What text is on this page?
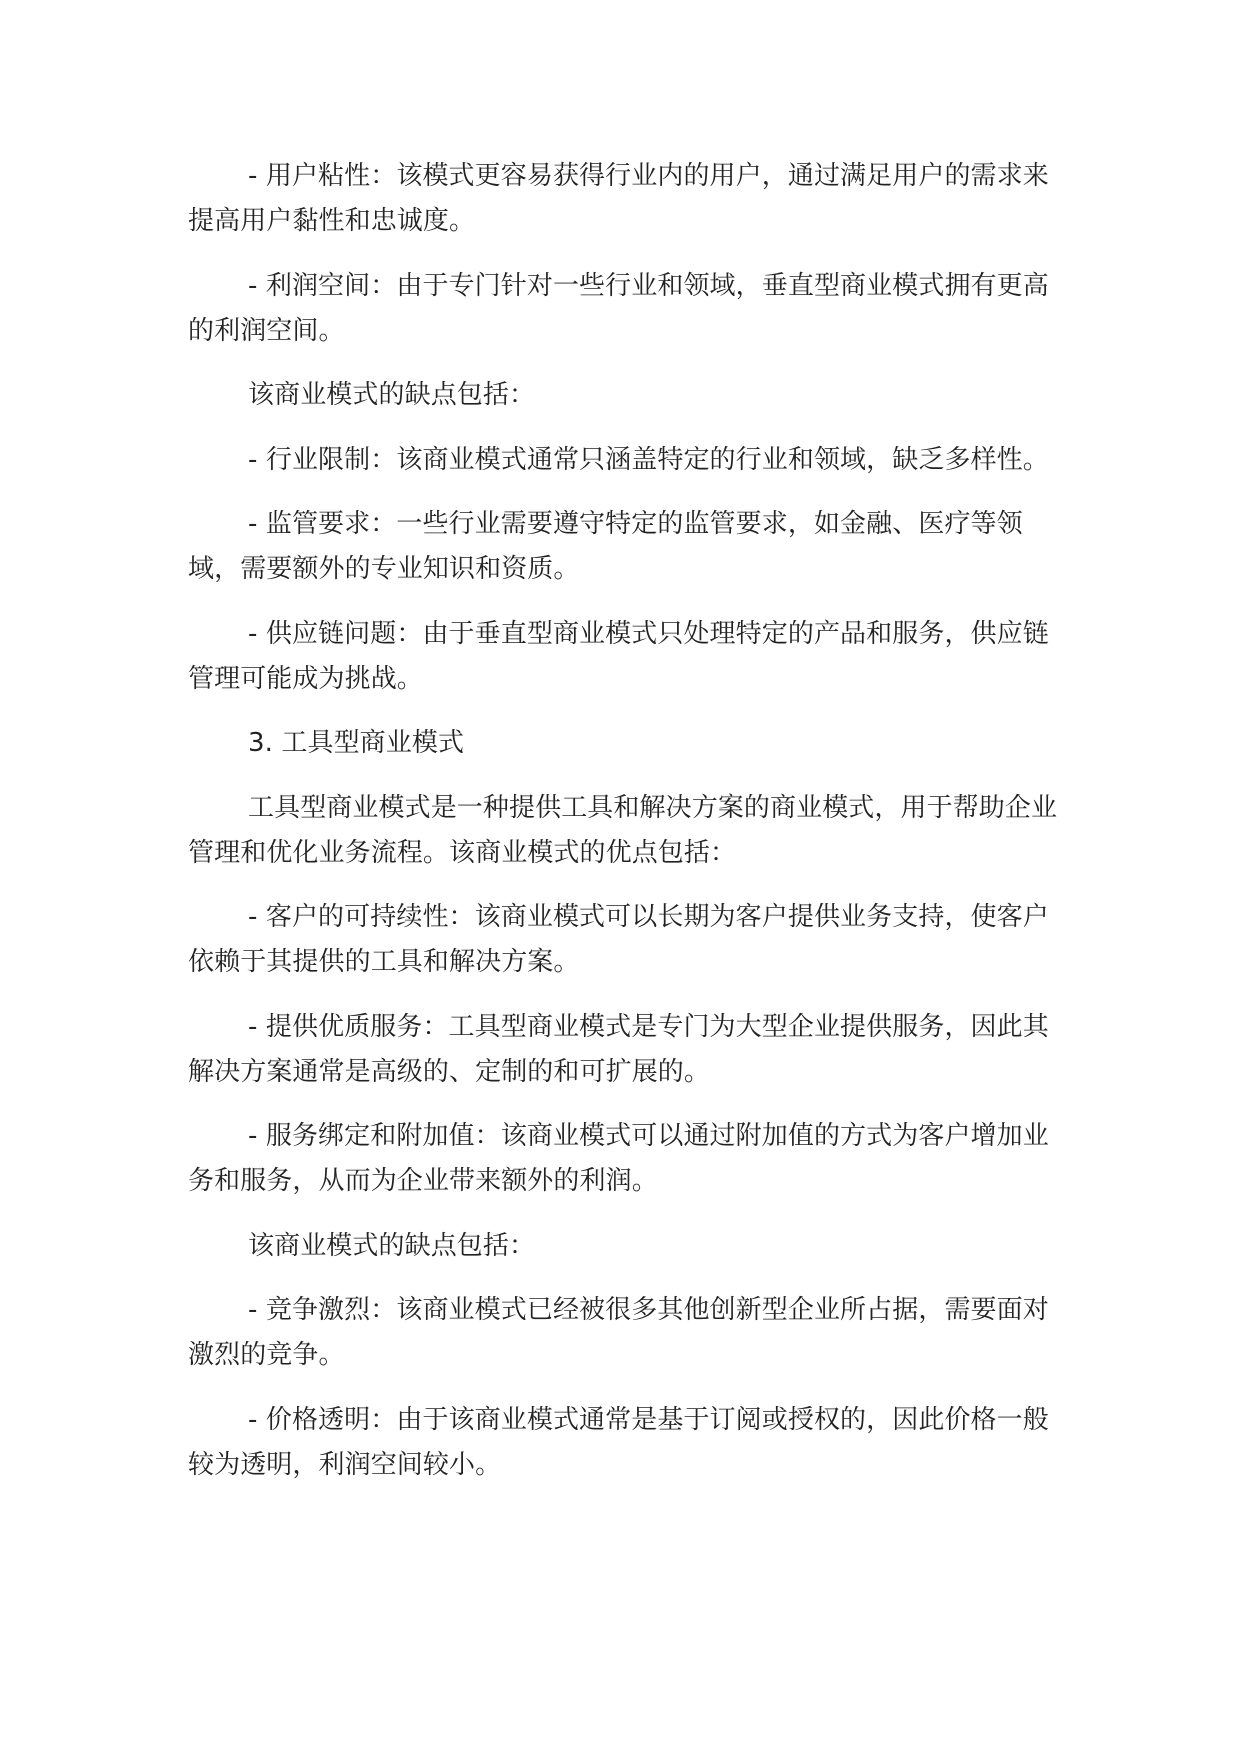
- 用户粘性：该模式更容易获得行业内的用户，通过满足用户的需求来提高用户黏性和忠诚度。

- 利润空间：由于专门针对一些行业和领域，垂直型商业模式拥有更高的利润空间。

该商业模式的缺点包括：

- 行业限制：该商业模式通常只涵盖特定的行业和领域，缺乏多样性。

- 监管要求：一些行业需要遵守特定的监管要求，如金融、医疗等领域，需要额外的专业知识和资质。

- 供应链问题：由于垂直型商业模式只处理特定的产品和服务，供应链管理可能成为挑战。

3. 工具型商业模式

工具型商业模式是一种提供工具和解决方案的商业模式，用于帮助企业管理和优化业务流程。该商业模式的优点包括：

- 客户的可持续性：该商业模式可以长期为客户提供业务支持，使客户依赖于其提供的工具和解决方案。

- 提供优质服务：工具型商业模式是专门为大型企业提供服务，因此其解决方案通常是高级的、定制的和可扩展的。

- 服务绑定和附加值：该商业模式可以通过附加值的方式为客户增加业务和服务，从而为企业带来额外的利润。

该商业模式的缺点包括：

- 竞争激烈：该商业模式已经被很多其他创新型企业所占据，需要面对激烈的竞争。

- 价格透明：由于该商业模式通常是基于订阅或授权的，因此价格一般较为透明，利润空间较小。
